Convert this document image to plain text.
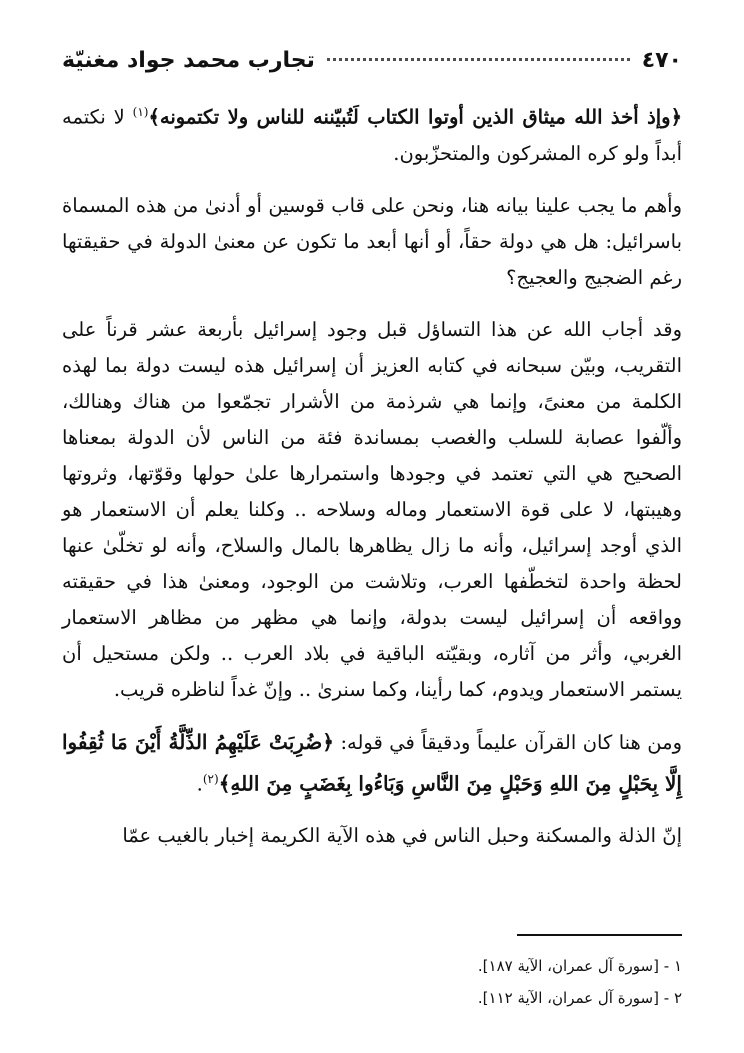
٤٧٠
تجارب محمد جواد مغنيّة

﴿وإذ أخذ الله ميثاق الذين أوتوا الكتاب لَتُبيّننه للناس ولا تكتمونه﴾$^{(١)}$ لا نكتمه أبداً ولو كره المشركون والمتحزّبون.

وأهم ما يجب علينا بيانه هنا، ونحن على قاب قوسين أو أدنىٰ من هذه المسماة باسرائيل: هل هي دولة حقاً، أو أنها أبعد ما تكون عن معنىٰ الدولة في حقيقتها رغم الضجيج والعجيج؟

وقد أجاب الله عن هذا التساؤل قبل وجود إسرائيل بأربعة عشر قرناً على التقريب، وبيّن سبحانه في كتابه العزيز أن إسرائيل هذه ليست دولة بما لهذه الكلمة من معنىً، وإنما هي شرذمة من الأشرار تجمّعوا من هناك وهنالك، وألّفوا عصابة للسلب والغصب بمساندة فئة من الناس لأن الدولة بمعناها الصحيح هي التي تعتمد في وجودها واستمرارها علىٰ حولها وقوّتها، وثروتها وهيبتها، لا على قوة الاستعمار وماله وسلاحه .. وكلنا يعلم أن الاستعمار هو الذي أوجد إسرائيل، وأنه ما زال يظاهرها بالمال والسلاح، وأنه لو تخلّىٰ عنها لحظة واحدة لتخطّفها العرب، وتلاشت من الوجود، ومعنىٰ هذا في حقيقته وواقعه أن إسرائيل ليست بدولة، وإنما هي مظهر من مظاهر الاستعمار الغربي، وأثر من آثاره، وبقيّته الباقية في بلاد العرب .. ولكن مستحيل أن يستمر الاستعمار ويدوم، كما رأينا، وكما سنرىٰ .. وإنّ غداً لناظره قريب.

ومن هنا كان القرآن عليماً ودقيقاً في قوله: ﴿ضُرِبَتْ عَلَيْهِمُ الذِّلَّةُ أَيْنَ مَا ثُقِفُوا إِلَّا بِحَبْلٍ مِنَ اللهِ وَحَبْلٍ مِنَ النَّاسِ وَبَاءُوا بِغَضَبٍ مِنَ اللهِ﴾$^{(٢)}$.

إنّ الذلة والمسكنة وحبل الناس في هذه الآية الكريمة إخبار بالغيب عمّا

١ - [سورة آل عمران، الآية ١٨٧].
٢ - [سورة آل عمران، الآية ١١٢].
